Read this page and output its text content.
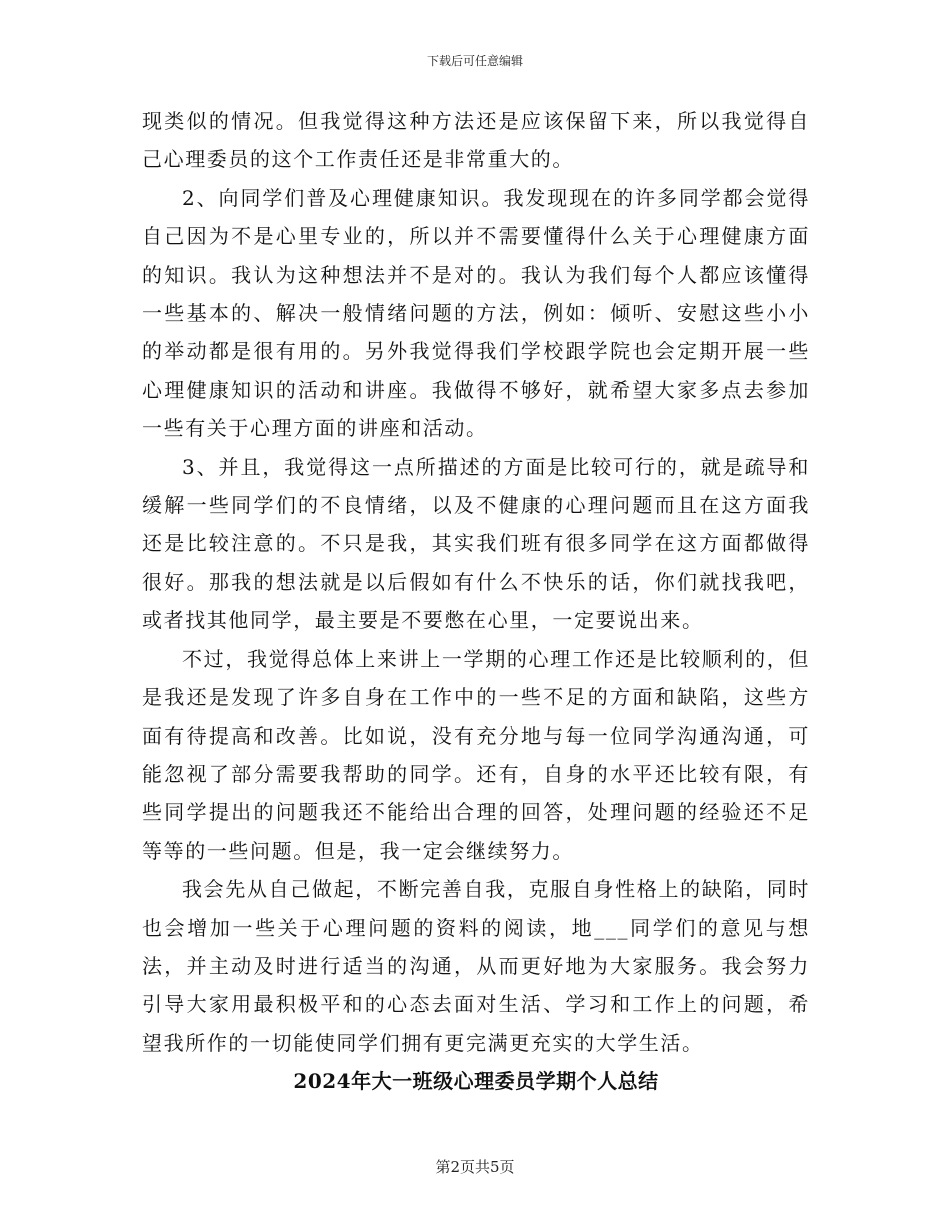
下载后可任意编辑

现类似的情况。但我觉得这种方法还是应该保留下来，所以我觉得自己心理委员的这个工作责任还是非常重大的。

2、向同学们普及心理健康知识。我发现现在的许多同学都会觉得自己因为不是心里专业的，所以并不需要懂得什么关于心理健康方面的知识。我认为这种想法并不是对的。我认为我们每个人都应该懂得一些基本的、解决一般情绪问题的方法，例如：倾听、安慰这些小小的举动都是很有用的。另外我觉得我们学校跟学院也会定期开展一些心理健康知识的活动和讲座。我做得不够好，就希望大家多点去参加一些有关于心理方面的讲座和活动。

3、并且，我觉得这一点所描述的方面是比较可行的，就是疏导和缓解一些同学们的不良情绪，以及不健康的心理问题而且在这方面我还是比较注意的。不只是我，其实我们班有很多同学在这方面都做得很好。那我的想法就是以后假如有什么不快乐的话，你们就找我吧，或者找其他同学，最主要是不要憋在心里，一定要说出来。

不过，我觉得总体上来讲上一学期的心理工作还是比较顺利的，但是我还是发现了许多自身在工作中的一些不足的方面和缺陷，这些方面有待提高和改善。比如说，没有充分地与每一位同学沟通沟通，可能忽视了部分需要我帮助的同学。还有，自身的水平还比较有限，有些同学提出的问题我还不能给出合理的回答，处理问题的经验还不足等等的一些问题。但是，我一定会继续努力。

我会先从自己做起，不断完善自我，克服自身性格上的缺陷，同时也会增加一些关于心理问题的资料的阅读，地___同学们的意见与想法，并主动及时进行适当的沟通，从而更好地为大家服务。我会努力引导大家用最积极平和的心态去面对生活、学习和工作上的问题，希望我所作的一切能使同学们拥有更完满更充实的大学生活。

2024年大一班级心理委员学期个人总结
第2页共5页
